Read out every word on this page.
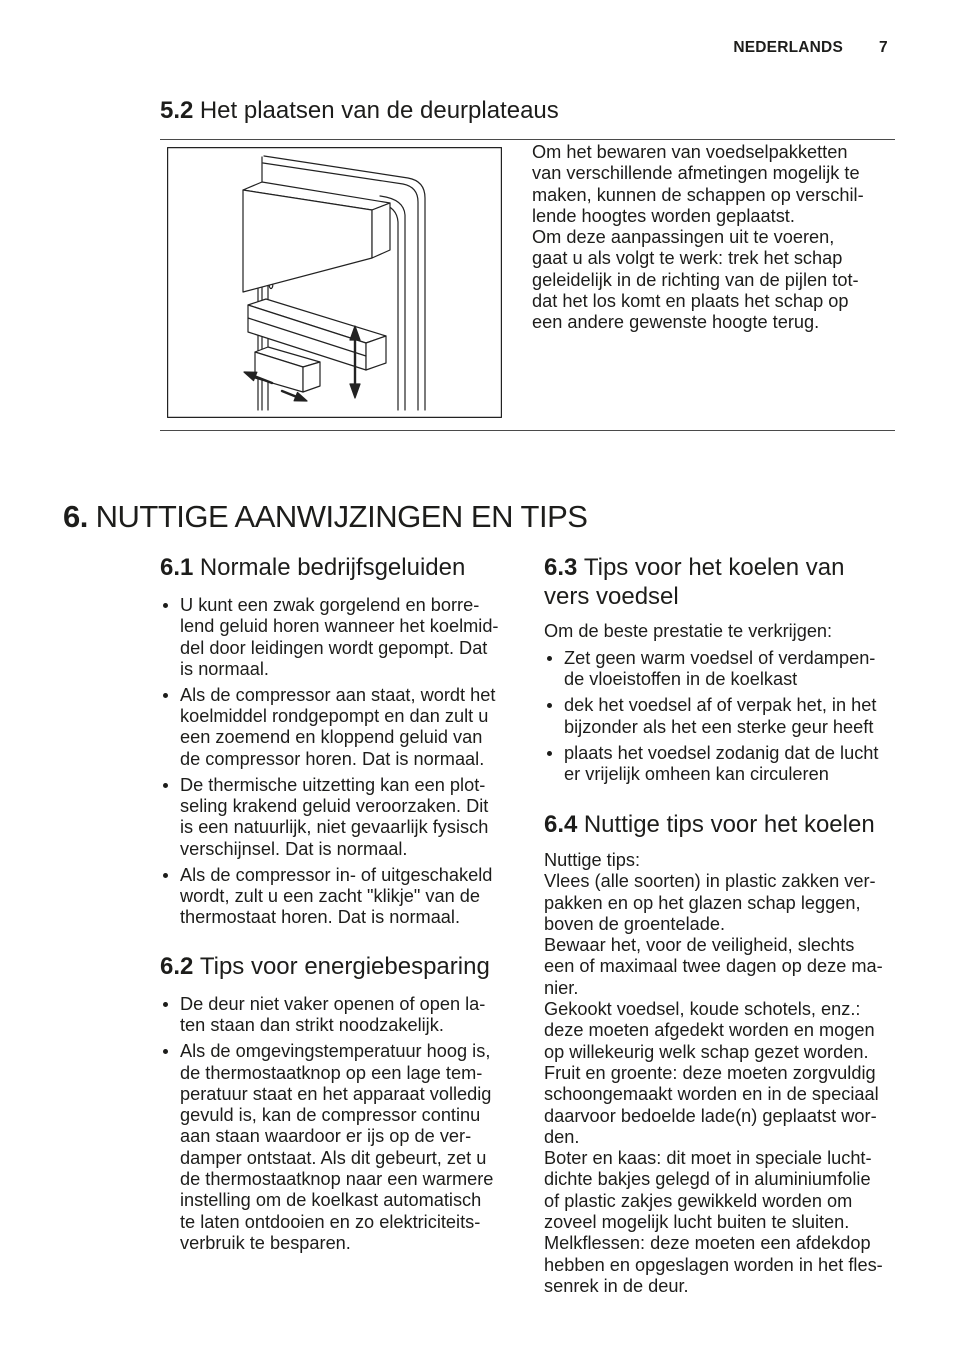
NEDERLANDS 7
5.2 Het plaatsen van de deurplateaus
Om het bewaren van voedselpakketten
van verschillende afmetingen mogelijk te
maken, kunnen de schappen op verschil-
lende hoogtes worden geplaatst.
Om deze aanpassingen uit te voeren,
gaat u als volgt te werk: trek het schap
geleidelijk in de richting van de pijlen tot-
dat het los komt en plaats het schap op
een andere gewenste hoogte terug.
6. NUTTIGE AANWIJZINGEN EN TIPS
6.1 Normale bedrijfsgeluiden
U kunt een zwak gorgelend en borre-
lend geluid horen wanneer het koelmid-
del door leidingen wordt gepompt. Dat
is normaal.
Als de compressor aan staat, wordt het
koelmiddel rondgepompt en dan zult u
een zoemend en kloppend geluid van
de compressor horen. Dat is normaal.
De thermische uitzetting kan een plot-
seling krakend geluid veroorzaken. Dit
is een natuurlijk, niet gevaarlijk fysisch
verschijnsel. Dat is normaal.
Als de compressor in- of uitgeschakeld
wordt, zult u een zacht "klikje" van de
thermostaat horen. Dat is normaal.
6.2 Tips voor energiebesparing
De deur niet vaker openen of open la-
ten staan dan strikt noodzakelijk.
Als de omgevingstemperatuur hoog is,
de thermostaatknop op een lage tem-
peratuur staat en het apparaat volledig
gevuld is, kan de compressor continu
aan staan waardoor er ijs op de ver-
damper ontstaat. Als dit gebeurt, zet u
de thermostaatknop naar een warmere
instelling om de koelkast automatisch
te laten ontdooien en zo elektriciteits-
verbruik te besparen.
6.3 Tips voor het koelen van
vers voedsel
Om de beste prestatie te verkrijgen:
Zet geen warm voedsel of verdampen-
de vloeistoffen in de koelkast
dek het voedsel af of verpak het, in het
bijzonder als het een sterke geur heeft
plaats het voedsel zodanig dat de lucht
er vrijelijk omheen kan circuleren
6.4 Nuttige tips voor het koelen
Nuttige tips:
Vlees (alle soorten) in plastic zakken ver-
pakken en op het glazen schap leggen,
boven de groentelade.
Bewaar het, voor de veiligheid, slechts
een of maximaal twee dagen op deze ma-
nier.
Gekookt voedsel, koude schotels, enz.:
deze moeten afgedekt worden en mogen
op willekeurig welk schap gezet worden.
Fruit en groente: deze moeten zorgvuldig
schoongemaakt worden en in de speciaal
daarvoor bedoelde lade(n) geplaatst wor-
den.
Boter en kaas: dit moet in speciale lucht-
dichte bakjes gelegd of in aluminiumfolie
of plastic zakjes gewikkeld worden om
zoveel mogelijk lucht buiten te sluiten.
Melkflessen: deze moeten een afdekdop
hebben en opgeslagen worden in het fles-
senrek in de deur.
